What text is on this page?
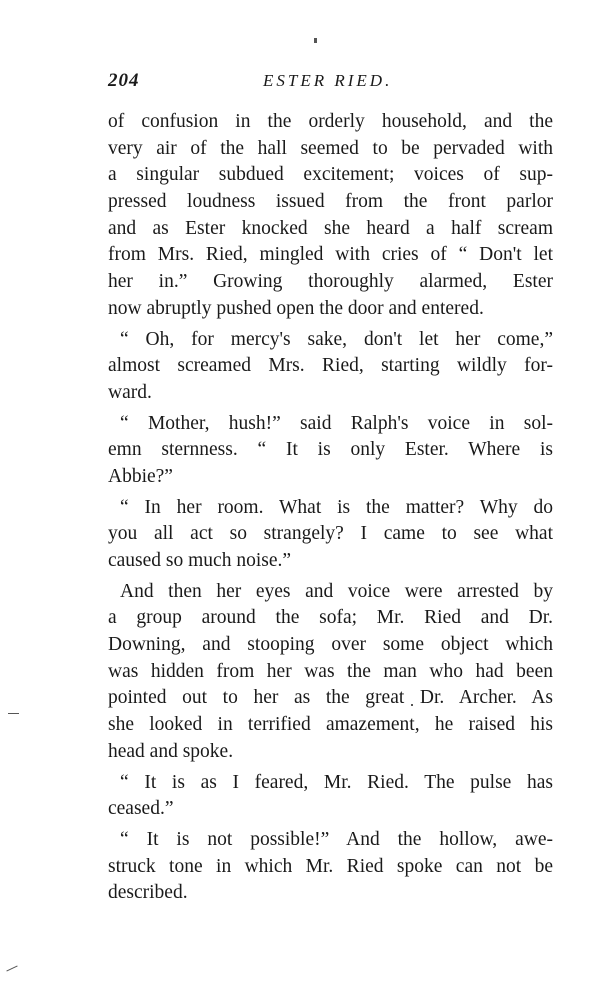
204	ESTER RIED.
of confusion in the orderly household, and the
very air of the hall seemed to be pervaded with
a singular subdued excitement; voices of sup-
pressed loudness issued from the front parlor
and as Ester knocked she heard a half scream
from Mrs. Ried, mingled with cries of “ Don't let
her in.” Growing thoroughly alarmed, Ester
now abruptly pushed open the door and entered.
“ Oh, for mercy's sake, don't let her come,”
almost screamed Mrs. Ried, starting wildly for-
ward.
“ Mother, hush!” said Ralph's voice in sol-
emn sternness. “ It is only Ester. Where is
Abbie?”
“ In her room. What is the matter? Why do
you all act so strangely? I came to see what
caused so much noise.”
And then her eyes and voice were arrested by
a group around the sofa; Mr. Ried and Dr.
Downing, and stooping over some object which
was hidden from her was the man who had been
pointed out to her as the great Dr. Archer. As
she looked in terrified amazement, he raised his
head and spoke.
“ It is as I feared, Mr. Ried. The pulse has
ceased.”
“ It is not possible!” And the hollow, awe-
struck tone in which Mr. Ried spoke can not be
described.
